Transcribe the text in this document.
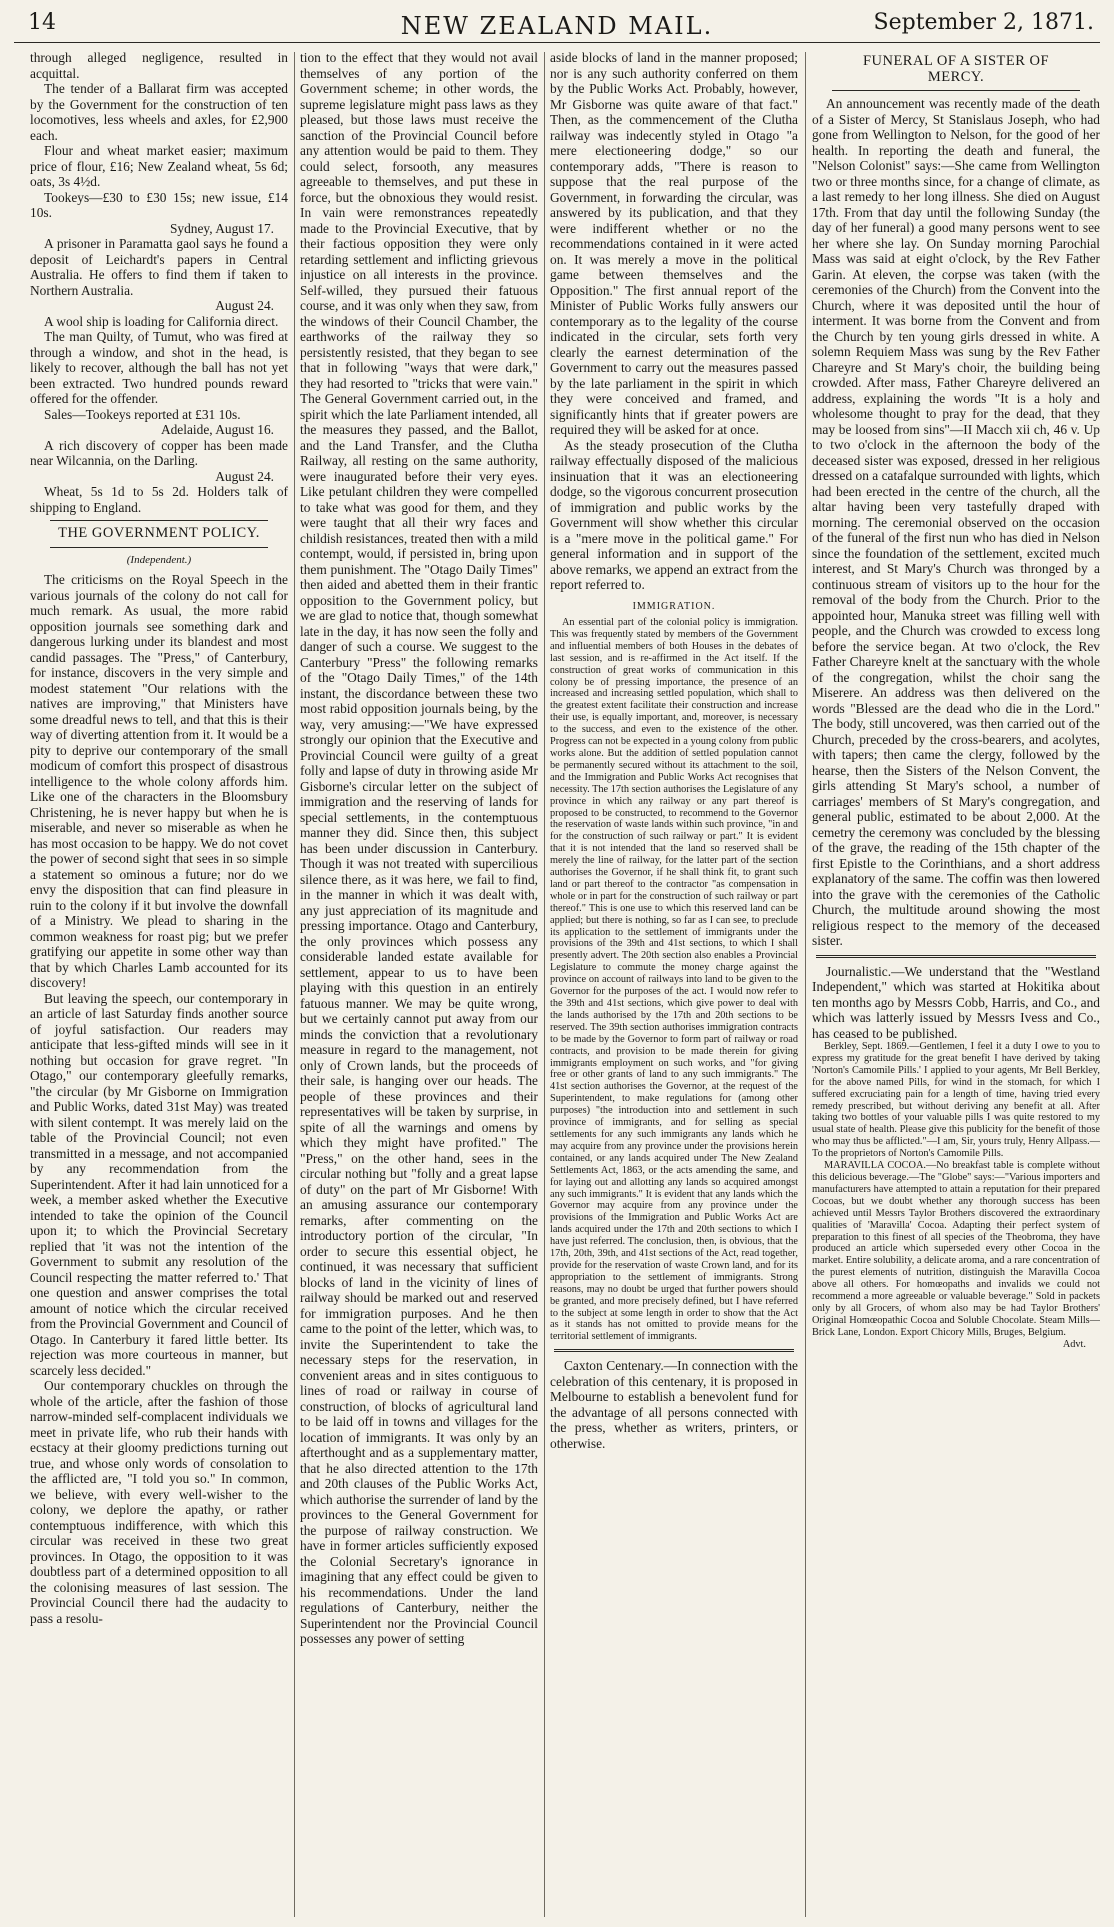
14	NEW ZEALAND MAIL.	September 2, 1871.

through alleged negligence, resulted in acquittal.

The tender of a Ballarat firm was accepted by the Government for the construction of ten locomotives, less wheels and axles, for £2,900 each.

Flour and wheat market easier; maximum price of flour, £16; New Zealand wheat, 5s 6d; oats, 3s 4½d.

Tookeys—£30 to £30 15s; new issue, £14 10s.

Sydney, August 17.

A prisoner in Paramatta gaol says he found a deposit of Leichardt's papers in Central Australia. He offers to find them if taken to Northern Australia.

August 24.

A wool ship is loading for California direct.

The man Quilty, of Tumut, who was fired at through a window, and shot in the head, is likely to recover, although the ball has not yet been extracted. Two hundred pounds reward offered for the offender.

Sales—Tookeys reported at £31 10s.

Adelaide, August 16.

A rich discovery of copper has been made near Wilcannia, on the Darling.

August 24.

Wheat, 5s 1d to 5s 2d. Holders talk of shipping to England.

THE GOVERNMENT POLICY.
(Independent.)

The criticisms on the Royal Speech in the various journals of the colony do not call for much remark. As usual, the more rabid opposition journals see something dark and dangerous lurking under its blandest and most candid passages. The "Press," of Canterbury, for instance, discovers in the very simple and modest statement "Our relations with the natives are improving," that Ministers have some dreadful news to tell, and that this is their way of diverting attention from it. It would be a pity to deprive our contemporary of the small modicum of comfort this prospect of disastrous intelligence to the whole colony affords him. Like one of the characters in the Bloomsbury Christening, he is never happy but when he is miserable, and never so miserable as when he has most occasion to be happy. We do not covet the power of second sight that sees in so simple a statement so ominous a future; nor do we envy the disposition that can find pleasure in ruin to the colony if it but involve the downfall of a Ministry. We plead to sharing in the common weakness for roast pig; but we prefer gratifying our appetite in some other way than that by which Charles Lamb accounted for its discovery!

But leaving the speech, our contemporary in an article of last Saturday finds another source of joyful satisfaction. Our readers may anticipate that less-gifted minds will see in it nothing but occasion for grave regret. "In Otago," our contemporary gleefully remarks, "the circular (by Mr Gisborne on Immigration and Public Works, dated 31st May) was treated with silent contempt. It was merely laid on the table of the Provincial Council; not even transmitted in a message, and not accompanied by any recommendation from the Superintendent. After it had lain unnoticed for a week, a member asked whether the Executive intended to take the opinion of the Council upon it; to which the Provincial Secretary replied that 'it was not the intention of the Government to submit any resolution of the Council respecting the matter referred to.' That one question and answer comprises the total amount of notice which the circular received from the Provincial Government and Council of Otago. In Canterbury it fared little better. Its rejection was more courteous in manner, but scarcely less decided."

Our contemporary chuckles on through the whole of the article, after the fashion of those narrow-minded self-complacent individuals we meet in private life, who rub their hands with ecstacy at their gloomy predictions turning out true, and whose only words of consolation to the afflicted are, "I told you so." In common, we believe, with every well-wisher to the colony, we deplore the apathy, or rather contemptuous indifference, with which this circular was received in these two great provinces. In Otago, the opposition to it was doubtless part of a determined opposition to all the colonising measures of last session. The Provincial Council there had the audacity to pass a resolu-

tion to the effect that they would not avail themselves of any portion of the Government scheme; in other words, the supreme legislature might pass laws as they pleased, but those laws must receive the sanction of the Provincial Council before any attention would be paid to them. They could select, forsooth, any measures agreeable to themselves, and put these in force, but the obnoxious they would resist. In vain were remonstrances repeatedly made to the Provincial Executive, that by their factious opposition they were only retarding settlement and inflicting grievous injustice on all interests in the province. Self-willed, they pursued their fatuous course, and it was only when they saw, from the windows of their Council Chamber, the earthworks of the railway they so persistently resisted, that they began to see that in following "ways that were dark," they had resorted to "tricks that were vain." The General Government carried out, in the spirit which the late Parliament intended, all the measures they passed, and the Ballot, and the Land Transfer, and the Clutha Railway, all resting on the same authority, were inaugurated before their very eyes. Like petulant children they were compelled to take what was good for them, and they were taught that all their wry faces and childish resistances, treated then with a mild contempt, would, if persisted in, bring upon them punishment. The "Otago Daily Times" then aided and abetted them in their frantic opposition to the Government policy, but we are glad to notice that, though somewhat late in the day, it has now seen the folly and danger of such a course. We suggest to the Canterbury "Press" the following remarks of the "Otago Daily Times," of the 14th instant, the discordance between these two most rabid opposition journals being, by the way, very amusing:—"We have expressed strongly our opinion that the Executive and Provincial Council were guilty of a great folly and lapse of duty in throwing aside Mr Gisborne's circular letter on the subject of immigration and the reserving of lands for special settlements, in the contemptuous manner they did. Since then, this subject has been under discussion in Canterbury. Though it was not treated with supercilious silence there, as it was here, we fail to find, in the manner in which it was dealt with, any just appreciation of its magnitude and pressing importance. Otago and Canterbury, the only provinces which possess any considerable landed estate available for settlement, appear to us to have been playing with this question in an entirely fatuous manner. We may be quite wrong, but we certainly cannot put away from our minds the conviction that a revolutionary measure in regard to the management, not only of Crown lands, but the proceeds of their sale, is hanging over our heads. The people of these provinces and their representatives will be taken by surprise, in spite of all the warnings and omens by which they might have profited." The "Press," on the other hand, sees in the circular nothing but "folly and a great lapse of duty" on the part of Mr Gisborne! With an amusing assurance our contemporary remarks, after commenting on the introductory portion of the circular, "In order to secure this essential object, he continued, it was necessary that sufficient blocks of land in the vicinity of lines of railway should be marked out and reserved for immigration purposes. And he then came to the point of the letter, which was, to invite the Superintendent to take the necessary steps for the reservation, in convenient areas and in sites contiguous to lines of road or railway in course of construction, of blocks of agricultural land to be laid off in towns and villages for the location of immigrants. It was only by an afterthought and as a supplementary matter, that he also directed attention to the 17th and 20th clauses of the Public Works Act, which authorise the surrender of land by the provinces to the General Government for the purpose of railway construction. We have in former articles sufficiently exposed the Colonial Secretary's ignorance in imagining that any effect could be given to his recommendations. Under the land regulations of Canterbury, neither the Superintendent nor the Provincial Council possesses any power of setting

aside blocks of land in the manner proposed; nor is any such authority conferred on them by the Public Works Act. Probably, however, Mr Gisborne was quite aware of that fact." Then, as the commencement of the Clutha railway was indecently styled in Otago "a mere electioneering dodge," so our contemporary adds, "There is reason to suppose that the real purpose of the Government, in forwarding the circular, was answered by its publication, and that they were indifferent whether or no the recommendations contained in it were acted on. It was merely a move in the political game between themselves and the Opposition." The first annual report of the Minister of Public Works fully answers our contemporary as to the legality of the course indicated in the circular, sets forth very clearly the earnest determination of the Government to carry out the measures passed by the late parliament in the spirit in which they were conceived and framed, and significantly hints that if greater powers are required they will be asked for at once.

As the steady prosecution of the Clutha railway effectually disposed of the malicious insinuation that it was an electioneering dodge, so the vigorous concurrent prosecution of immigration and public works by the Government will show whether this circular is a "mere move in the political game." For general information and in support of the above remarks, we append an extract from the report referred to.

IMMIGRATION.

An essential part of the colonial policy is immigration. This was frequently stated by members of the Government and influential members of both Houses in the debates of last session, and is re-affirmed in the Act itself. If the construction of great works of communication in this colony be of pressing importance, the presence of an increased and increasing settled population, which shall to the greatest extent facilitate their construction and increase their use, is equally important, and, moreover, is necessary to the success, and even to the existence of the other. Progress can not be expected in a young colony from public works alone. But the addition of settled population cannot be permanently secured without its attachment to the soil, and the Immigration and Public Works Act recognises that necessity. The 17th section authorises the Legislature of any province in which any railway or any part thereof is proposed to be constructed, to recommend to the Governor the reservation of waste lands within such province, "in and for the construction of such railway or part." It is evident that it is not intended that the land so reserved shall be merely the line of railway, for the latter part of the section authorises the Governor, if he shall think fit, to grant such land or part thereof to the contractor "as compensation in whole or in part for the construction of such railway or part thereof." This is one use to which this reserved land can be applied; but there is nothing, so far as I can see, to preclude its application to the settlement of immigrants under the provisions of the 39th and 41st sections, to which I shall presently advert. The 20th section also enables a Provincial Legislature to commute the money charge against the province on account of railways into land to be given to the Governor for the purposes of the act. I would now refer to the 39th and 41st sections, which give power to deal with the lands authorised by the 17th and 20th sections to be reserved. The 39th section authorises immigration contracts to be made by the Governor to form part of railway or road contracts, and provision to be made therein for giving immigrants employment on such works, and "for giving free or other grants of land to any such immigrants." The 41st section authorises the Governor, at the request of the Superintendent, to make regulations for (among other purposes) "the introduction into and settlement in such province of immigrants, and for selling as special settlements for any such immigrants any lands which he may acquire from any province under the provisions herein contained, or any lands acquired under The New Zealand Settlements Act, 1863, or the acts amending the same, and for laying out and allotting any lands so acquired amongst any such immigrants." It is evident that any lands which the Governor may acquire from any province under the provisions of the Immigration and Public Works Act are lands acquired under the 17th and 20th sections to which I have just referred. The conclusion, then, is obvious, that the 17th, 20th, 39th, and 41st sections of the Act, read together, provide for the reservation of waste Crown land, and for its appropriation to the settlement of immigrants. Strong reasons, may no doubt be urged that further powers should be granted, and more precisely defined, but I have referred to the subject at some length in order to show that the Act as it stands has not omitted to provide means for the territorial settlement of immigrants.

Caxton Centenary.—In connection with the celebration of this centenary, it is proposed in Melbourne to establish a benevolent fund for the advantage of all persons connected with the press, whether as writers, printers, or otherwise.

FUNERAL OF A SISTER OF
MERCY.

An announcement was recently made of the death of a Sister of Mercy, St Stanislaus Joseph, who had gone from Wellington to Nelson, for the good of her health. In reporting the death and funeral, the "Nelson Colonist" says:—She came from Wellington two or three months since, for a change of climate, as a last remedy to her long illness. She died on August 17th. From that day until the following Sunday (the day of her funeral) a good many persons went to see her where she lay. On Sunday morning Parochial Mass was said at eight o'clock, by the Rev Father Garin. At eleven, the corpse was taken (with the ceremonies of the Church) from the Convent into the Church, where it was deposited until the hour of interment. It was borne from the Convent and from the Church by ten young girls dressed in white. A solemn Requiem Mass was sung by the Rev Father Chareyre and St Mary's choir, the building being crowded. After mass, Father Chareyre delivered an address, explaining the words "It is a holy and wholesome thought to pray for the dead, that they may be loosed from sins"—II Macch xii ch, 46 v. Up to two o'clock in the afternoon the body of the deceased sister was exposed, dressed in her religious dressed on a catafalque surrounded with lights, which had been erected in the centre of the church, all the altar having been very tastefully draped with morning. The ceremonial observed on the occasion of the funeral of the first nun who has died in Nelson since the foundation of the settlement, excited much interest, and St Mary's Church was thronged by a continuous stream of visitors up to the hour for the removal of the body from the Church. Prior to the appointed hour, Manuka street was filling well with people, and the Church was crowded to excess long before the service began. At two o'clock, the Rev Father Chareyre knelt at the sanctuary with the whole of the congregation, whilst the choir sang the Miserere. An address was then delivered on the words "Blessed are the dead who die in the Lord." The body, still uncovered, was then carried out of the Church, preceded by the cross-bearers, and acolytes, with tapers; then came the clergy, followed by the hearse, then the Sisters of the Nelson Convent, the girls attending St Mary's school, a number of carriages' members of St Mary's congregation, and general public, estimated to be about 2,000. At the cemetry the ceremony was concluded by the blessing of the grave, the reading of the 15th chapter of the first Epistle to the Corinthians, and a short address explanatory of the same. The coffin was then lowered into the grave with the ceremonies of the Catholic Church, the multitude around showing the most religious respect to the memory of the deceased sister.

Journalistic.—We understand that the "Westland Independent," which was started at Hokitika about ten months ago by Messrs Cobb, Harris, and Co., and which was latterly issued by Messrs Ivess and Co., has ceased to be published.

Berkley, Sept. 1869.—Gentlemen, I feel it a duty I owe to you to express my gratitude for the great benefit I have derived by taking 'Norton's Camomile Pills.' I applied to your agents, Mr Bell Berkley, for the above named Pills, for wind in the stomach, for which I suffered excruciating pain for a length of time, having tried every remedy prescribed, but without deriving any benefit at all. After taking two bottles of your valuable pills I was quite restored to my usual state of health. Please give this publicity for the benefit of those who may thus be afflicted."—I am, Sir, yours truly, Henry Allpass.—To the proprietors of Norton's Camomile Pills.

MARAVILLA COCOA.—No breakfast table is complete without this delicious beverage.—The "Globe" says:—"Various importers and manufacturers have attempted to attain a reputation for their prepared Cocoas, but we doubt whether any thorough success has been achieved until Messrs Taylor Brothers discovered the extraordinary qualities of 'Maravilla' Cocoa. Adapting their perfect system of preparation to this finest of all species of the Theobroma, they have produced an article which superseded every other Cocoa in the market. Entire solubility, a delicate aroma, and a rare concentration of the purest elements of nutrition, distinguish the Maravilla Cocoa above all others. For homœopaths and invalids we could not recommend a more agreeable or valuable beverage." Sold in packets only by all Grocers, of whom also may be had Taylor Brothers' Original Homœopathic Cocoa and Soluble Chocolate. Steam Mills—Brick Lane, London. Export Chicory Mills, Bruges, Belgium.

Advt.
